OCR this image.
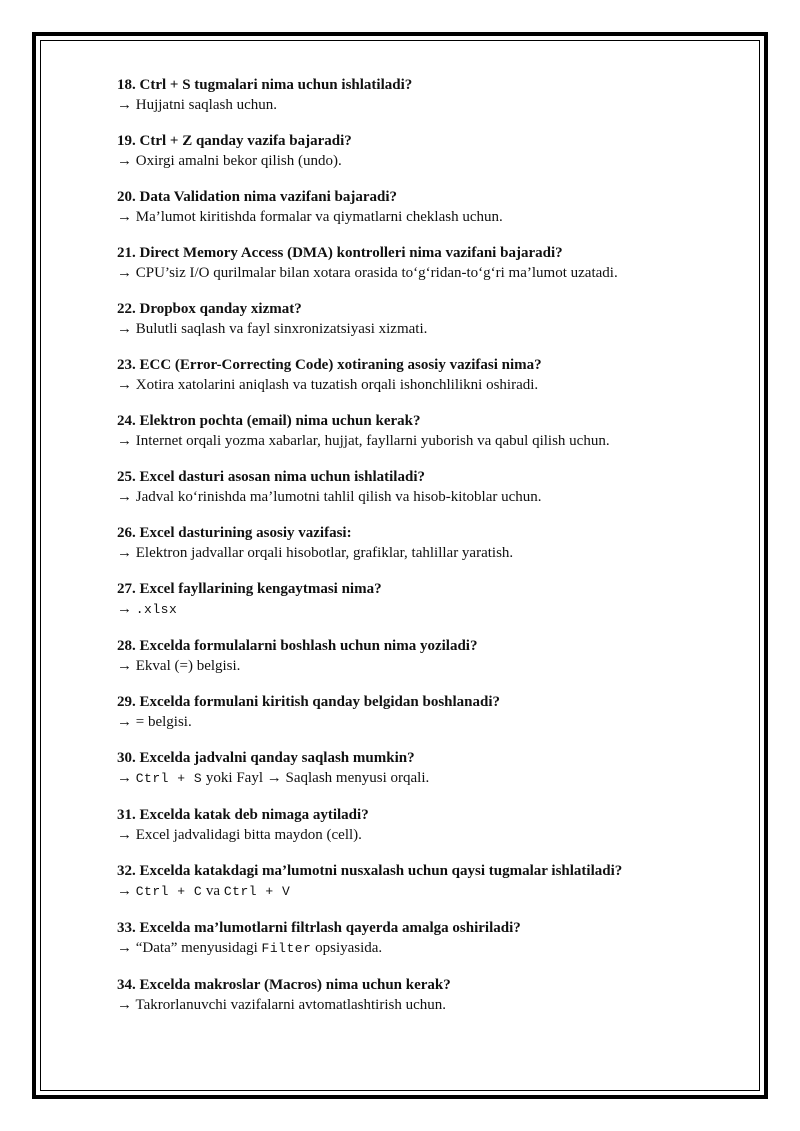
18. Ctrl + S tugmalari nima uchun ishlatiladi?
→ Hujjatni saqlash uchun.
19. Ctrl + Z qanday vazifa bajaradi?
→ Oxirgi amalni bekor qilish (undo).
20. Data Validation nima vazifani bajaradi?
→ Ma’lumot kiritishda formalar va qiymatlarni cheklash uchun.
21. Direct Memory Access (DMA) kontrolleri nima vazifani bajaradi?
→ CPU’siz I/O qurilmalar bilan xotara orasida to‘g‘ridan-to‘g‘ri ma’lumot uzatadi.
22. Dropbox qanday xizmat?
→ Bulutli saqlash va fayl sinxronizatsiyasi xizmati.
23. ECC (Error-Correcting Code) xotiraning asosiy vazifasi nima?
→ Xotira xatolarini aniqlash va tuzatish orqali ishonchlilikni oshiradi.
24. Elektron pochta (email) nima uchun kerak?
→ Internet orqali yozma xabarlar, hujjat, fayllarni yuborish va qabul qilish uchun.
25. Excel dasturi asosan nima uchun ishlatiladi?
→ Jadval ko‘rinishda ma’lumotni tahlil qilish va hisob-kitoblar uchun.
26. Excel dasturining asosiy vazifasi:
→ Elektron jadvallar orqali hisobotlar, grafiklar, tahlillar yaratish.
27. Excel fayllarining kengaytmasi nima?
→ .xlsx
28. Excelda formulalarni boshlash uchun nima yoziladi?
→ Ekval (=) belgisi.
29. Excelda formulani kiritish qanday belgidan boshlanadi?
→ = belgisi.
30. Excelda jadvalni qanday saqlash mumkin?
→ Ctrl + S yoki Fayl → Saqlash menyusi orqali.
31. Excelda katak deb nimaga aytiladi?
→ Excel jadvalidagi bitta maydon (cell).
32. Excelda katakdagi ma’lumotni nusxalash uchun qaysi tugmalar ishlatiladi?
→ Ctrl + C va Ctrl + V
33. Excelda ma’lumotlarni filtrlash qayerda amalga oshiriladi?
→ “Data” menyusidagi Filter opsiyasida.
34. Excelda makroslar (Macros) nima uchun kerak?
→ Takrorlanuvchi vazifalarni avtomatlashtirish uchun.
